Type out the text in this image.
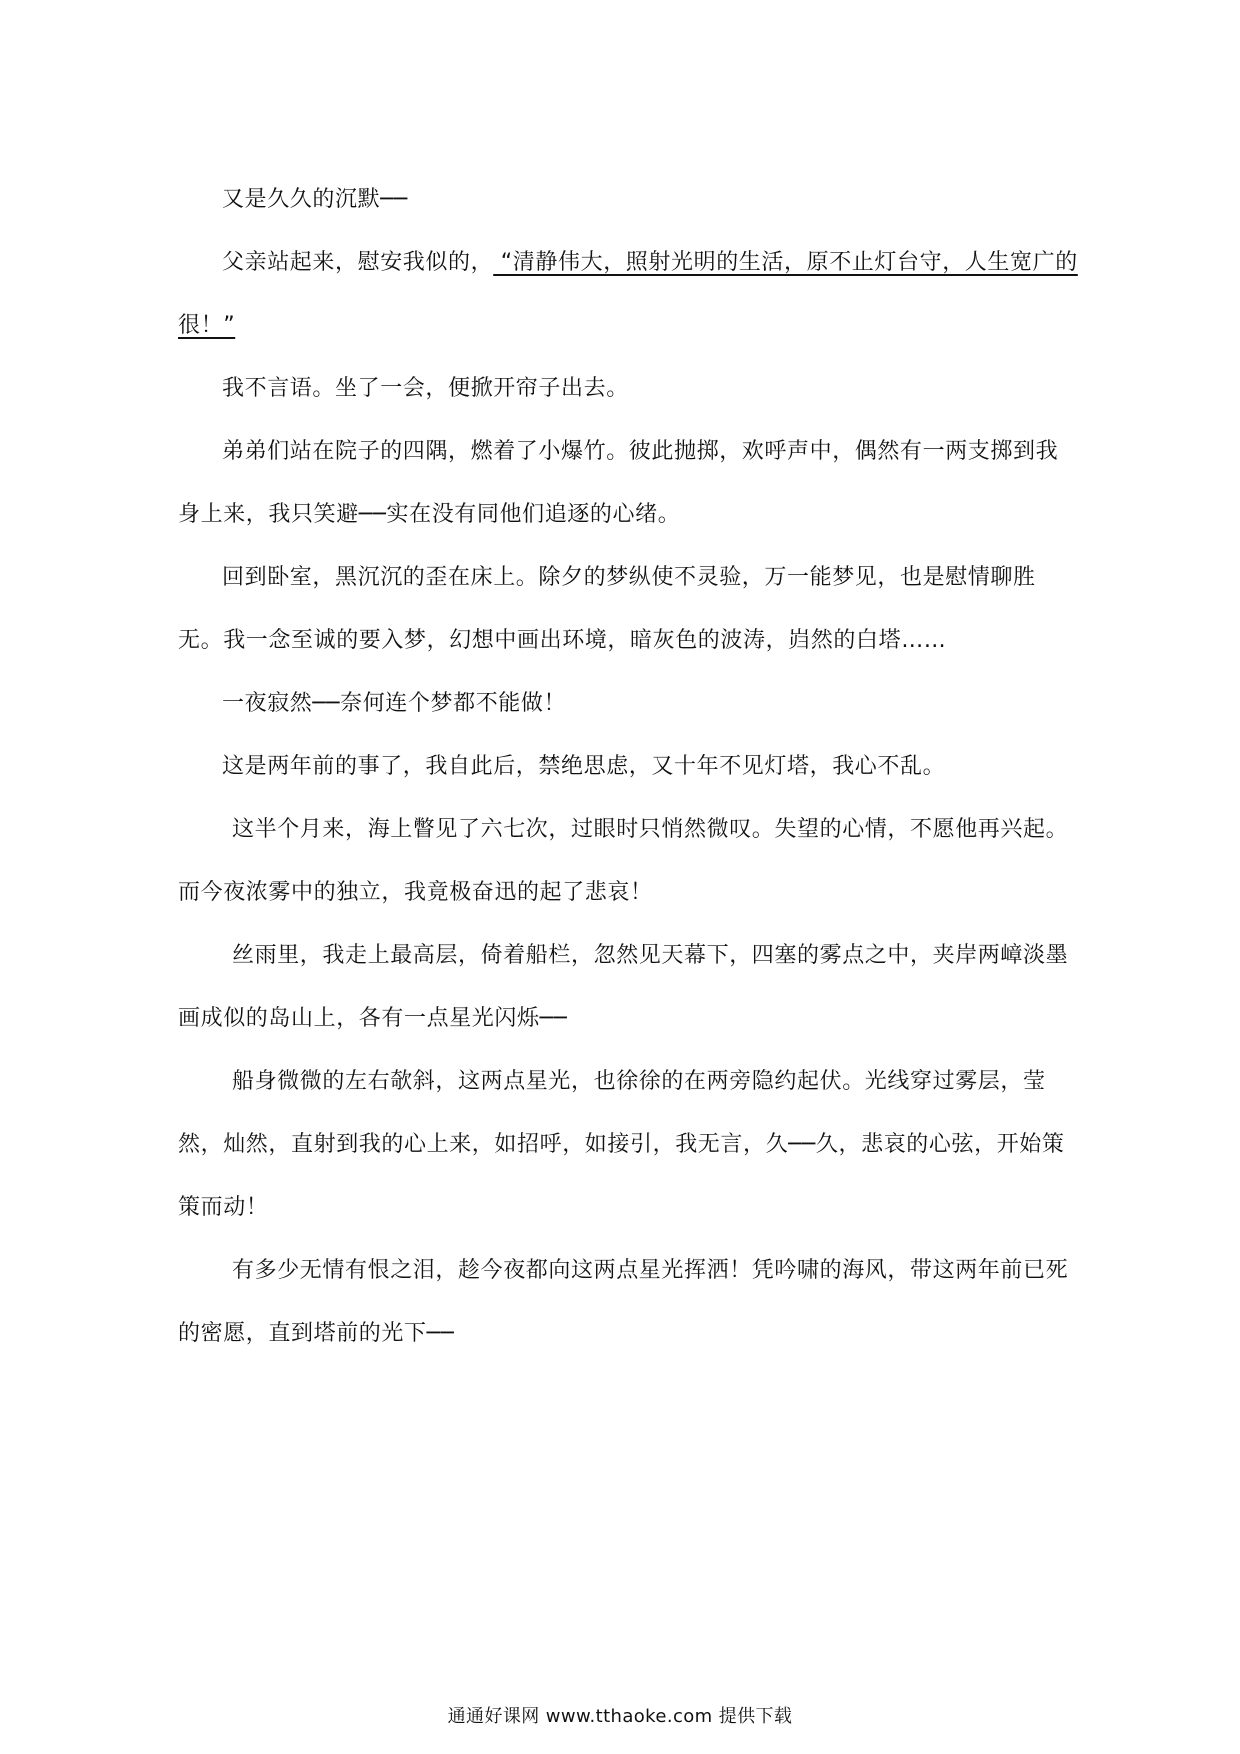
又是久久的沉默──

父亲站起来，慰安我似的， “清静伟大，照射光明的生活，原不止灯台守，人生宽广的很！”

我不言语。坐了一会，便掀开帘子出去。

弟弟们站在院子的四隅，燃着了小爆竹。彼此抛掷，欢呼声中，偶然有一两支掷到我身上来，我只笑避──实在没有同他们追逐的心绪。

回到卧室，黑沉沉的歪在床上。除夕的梦纵使不灵验，万一能梦见，也是慰情聊胜无。我一念至诚的要入梦，幻想中画出环境，暗灰色的波涛，岿然的白塔……

一夜寂然──奈何连个梦都不能做！

这是两年前的事了，我自此后，禁绝思虑，又十年不见灯塔，我心不乱。

这半个月来，海上瞥见了六七次，过眼时只悄然微叹。失望的心情，不愿他再兴起。而今夜浓雾中的独立，我竟极奋迅的起了悲哀！

丝雨里，我走上最高层，倚着船栏，忽然见天幕下，四塞的雾点之中，夹岸两嶂淡墨画成似的岛山上，各有一点星光闪烁──

船身微微的左右欹斜，这两点星光，也徐徐的在两旁隐约起伏。光线穿过雾层，莹然，灿然，直射到我的心上来，如招呼，如接引，我无言，久──久，悲哀的心弦，开始策策而动！

有多少无情有恨之泪，趁今夜都向这两点星光挥洒！凭吟啸的海风，带这两年前已死的密愿，直到塔前的光下──

通通好课网 www.tthaoke.com 提供下载
